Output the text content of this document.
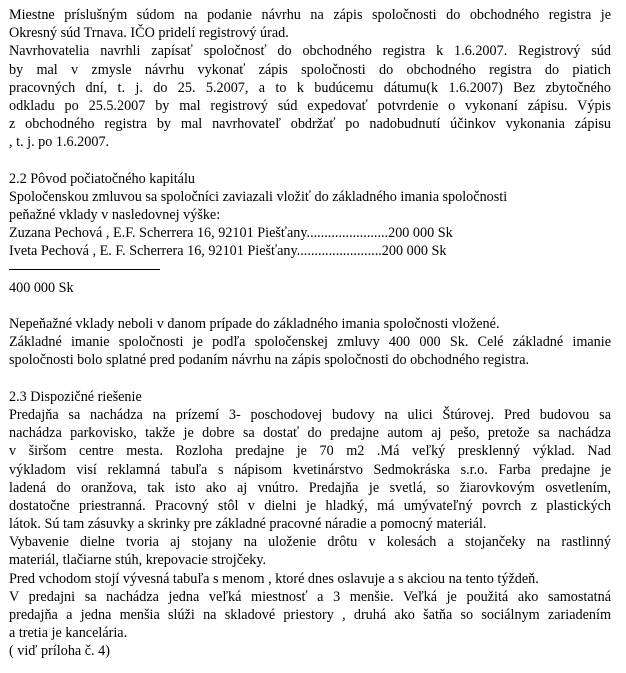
Miestne príslušným súdom na podanie návrhu na zápis spoločnosti do obchodného registra je
Okresný súd Trnava. IČO pridelí registrový úrad.
Navrhovatelia navrhli zapísať spoločnosť do obchodného registra k 1.6.2007. Registrový súd
by mal v zmysle návrhu vykonať zápis spoločnosti do obchodného registra do piatich
pracovných dní, t. j. do 25. 5.2007, a to k budúcemu dátumu(k 1.6.2007) Bez zbytočného
odkladu po 25.5.2007 by mal registrový súd expedovať potvrdenie o vykonaní zápisu. Výpis
z obchodného registra by mal navrhovateľ obdržať po nadobudnutí účinkov vykonania zápisu
, t. j. po 1.6.2007.
2.2 Pôvod počiatočného kapitálu
Spoločenskou zmluvou sa spoločníci zaviazali vložiť do základného imania spoločnosti
peňažné vklady v nasledovnej výške:
Zuzana Pechová , E.F. Scherrera 16, 92101 Piešťany.......................200 000 Sk
Iveta Pechová , E. F. Scherrera 16, 92101 Piešťany........................200 000 Sk
400 000 Sk
Nepeňažné vklady neboli v danom prípade do základného imania spoločnosti vložené.
Základné imanie spoločnosti je podľa spoločenskej zmluvy 400 000 Sk. Celé základné imanie
spoločnosti bolo splatné pred podaním návrhu na zápis spoločnosti do obchodného registra.
2.3 Dispozičné riešenie
Predajňa sa nachádza na prízemí 3- poschodovej budovy na ulici Štúrovej. Pred budovou sa
nachádza parkovisko, takže je dobre sa dostať do predajne autom aj pešo, pretože sa nachádza
v širšom centre mesta. Rozloha predajne je 70 m2 .Má veľký presklenný výklad. Nad
výkladom visí reklamná tabuľa s nápisom kvetinárstvo Sedmokráska s.r.o. Farba predajne je
ladená do oranžova, tak isto ako aj vnútro. Predajňa je svetlá, so žiarovkovým osvetlením,
dostatočne priestranná. Pracovný stôl v dielni je hladký, má umývateľný povrch z plastických
látok. Sú tam zásuvky a skrinky pre základné pracovné náradie a pomocný materiál.
Vybavenie dielne tvoria aj stojany na uloženie drôtu v kolesách a stojančeky na rastlinný
materiál, tlačiarne stúh, krepovacie strojčeky.
Pred vchodom stojí vývesná tabuľa s menom , ktoré dnes oslavuje a s akciou na tento týždeň.
V predajni sa nachádza jedna veľká miestnosť a 3 menšie. Veľká je použitá ako samostatná
predajňa a jedna menšia slúži na skladové priestory , druhá ako šatňa so sociálnym zariadením
a tretia je kancelária.
( viď príloha č. 4)
